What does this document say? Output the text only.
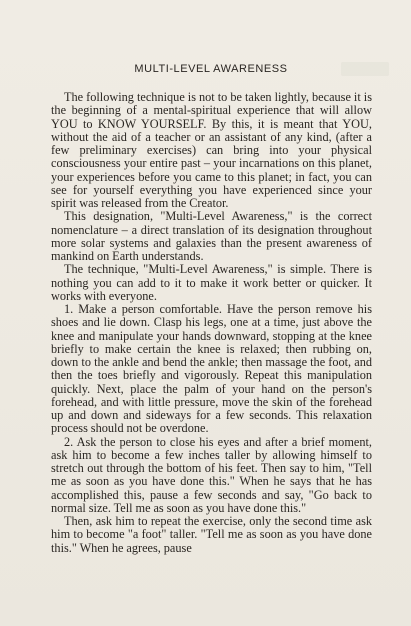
MULTI-LEVEL AWARENESS

The following technique is not to be taken lightly, because it is the beginning of a mental-spiritual experience that will allow YOU to KNOW YOURSELF. By this, it is meant that YOU, without the aid of a teacher or an assistant of any kind, (after a few preliminary exercises) can bring into your physical consciousness your entire past – your incarnations on this planet, your experiences before you came to this planet; in fact, you can see for yourself everything you have experienced since your spirit was released from the Creator.

This designation, "Multi-Level Awareness," is the correct nomenclature – a direct translation of its designation throughout more solar systems and galaxies than the present awareness of mankind on Earth understands.

The technique, "Multi-Level Awareness," is simple. There is nothing you can add to it to make it work better or quicker. It works with everyone.

1. Make a person comfortable. Have the person remove his shoes and lie down. Clasp his legs, one at a time, just above the knee and manipulate your hands downward, stopping at the knee briefly to make certain the knee is relaxed; then rubbing on, down to the ankle and bend the ankle; then massage the foot, and then the toes briefly and vigorously. Repeat this manipulation quickly. Next, place the palm of your hand on the person's forehead, and with little pressure, move the skin of the forehead up and down and sideways for a few seconds. This relaxation process should not be overdone.

2. Ask the person to close his eyes and after a brief moment, ask him to become a few inches taller by allowing himself to stretch out through the bottom of his feet. Then say to him, "Tell me as soon as you have done this." When he says that he has accomplished this, pause a few seconds and say, "Go back to normal size. Tell me as soon as you have done this."

Then, ask him to repeat the exercise, only the second time ask him to become "a foot" taller. "Tell me as soon as you have done this." When he agrees, pause
